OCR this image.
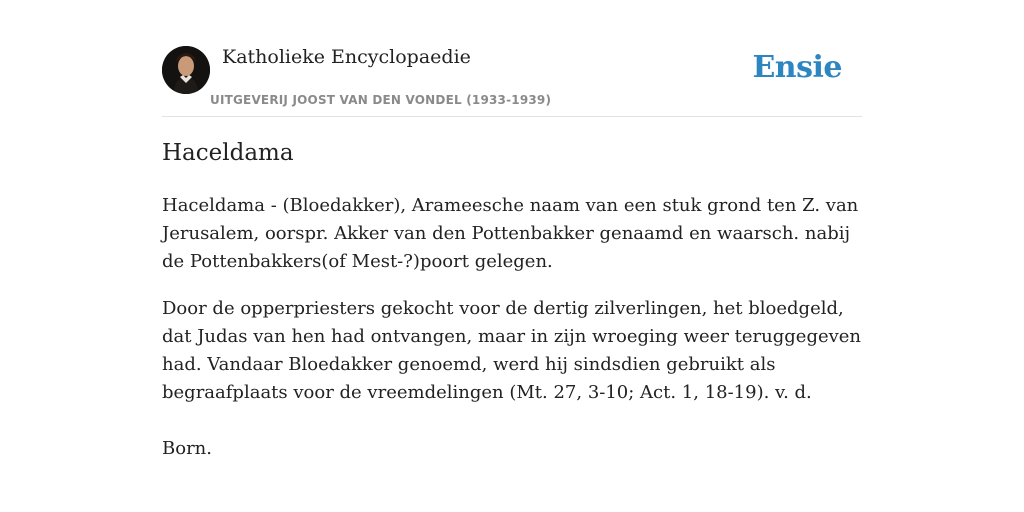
Katholieke Encyclopaedie
UITGEVERIJ JOOST VAN DEN VONDEL (1933-1939)
Ensie
Haceldama

Haceldama - (Bloedakker), Arameesche naam van een stuk grond ten Z. van Jerusalem, oorspr. Akker van den Pottenbakker genaamd en waarsch. nabij de Pottenbakkers(of Mest-?)poort gelegen.

Door de opperpriesters gekocht voor de dertig zilverlingen, het bloedgeld, dat Judas van hen had ontvangen, maar in zijn wroeging weer teruggegeven had. Vandaar Bloedakker genoemd, werd hij sindsdien gebruikt als begraafplaats voor de vreemdelingen (Mt. 27, 3-10; Act. 1, 18-19). v. d.

Born.
